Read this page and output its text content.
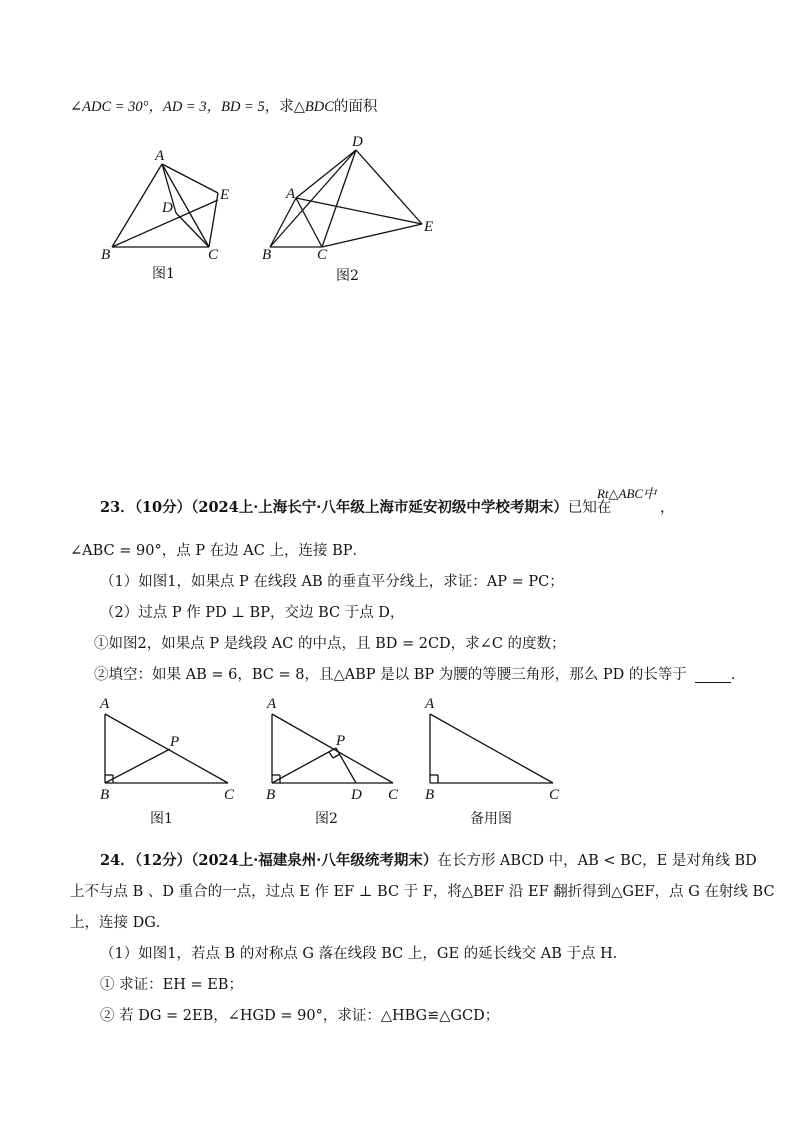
∠ADC = 30°，AD = 3，BD = 5，求△BDC的面积
A
B	C
D
E
图1
A
B	C
D
E
图2
A
B	C
P
图1
A
B	C
D
P
图2
A
B	C
备用图
23．（10分）（2024上·上海长宁·八年级上海市延安初级中学校考期末）已知在
Rt△ABC中
，
∠ABC = 90°，点 P 在边 AC 上，连接 BP．
（1）如图1，如果点 P 在线段 AB 的垂直平分线上，求证：AP = PC；
（2）过点 P 作 PD ⊥ BP，交边 BC 于点 D，
①如图2，如果点 P 是线段 AC 的中点，且 BD = 2CD，求∠C 的度数；
②填空：如果 AB = 6，BC = 8，且△ABP 是以 BP 为腰的等腰三角形，那么 PD 的长等于	．
24．（12分）（2024上·福建泉州·八年级统考期末）在长方形 ABCD 中，AB < BC，E 是对角线 BD
上不与点 B 、D 重合的一点，过点 E 作 EF ⊥ BC 于 F，将△BEF 沿 EF 翻折得到△GEF，点 G 在射线 BC
上，连接 DG．
（1）如图1，若点 B 的对称点 G 落在线段 BC 上，GE 的延长线交 AB 于点 H．
① 求证：EH = EB；
② 若 DG = 2EB，∠HGD = 90°，求证：△HBG≌△GCD；
